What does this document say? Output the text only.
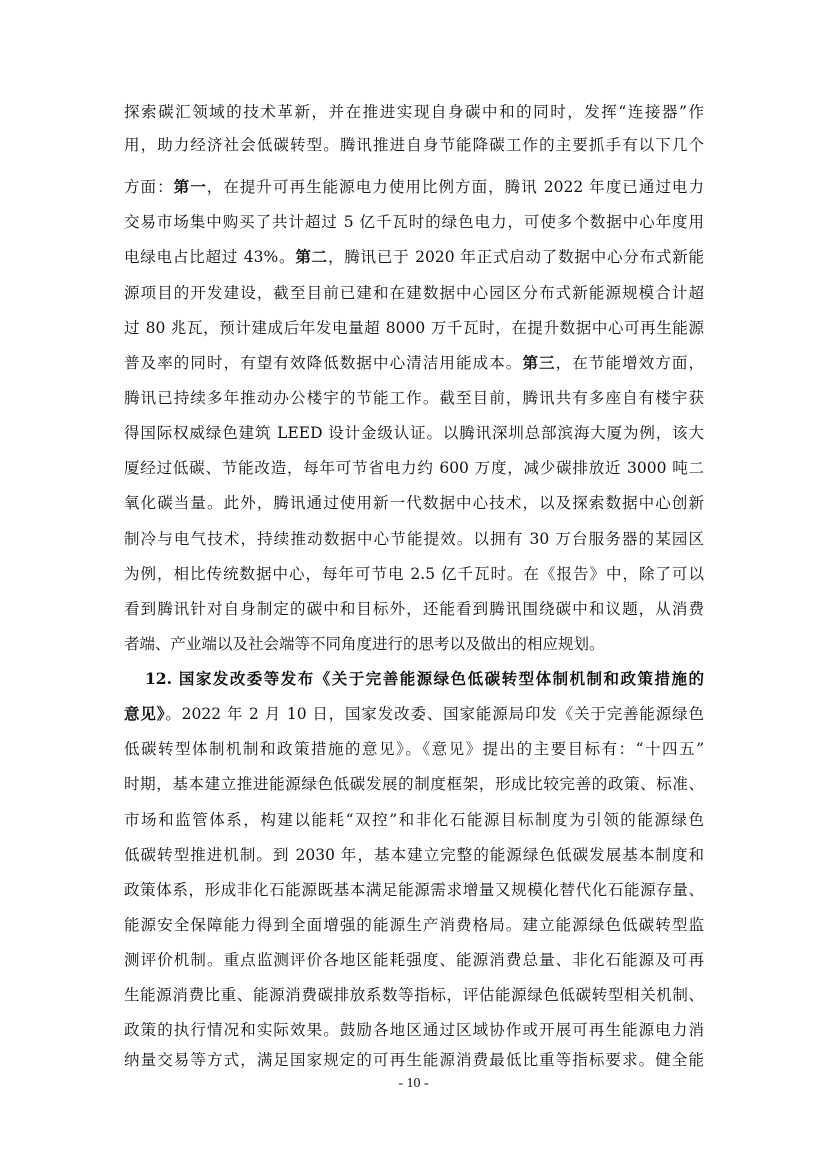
探索碳汇领域的技术革新，并在推进实现自身碳中和的同时，发挥“连接器”作
用，助力经济社会低碳转型。腾讯推进自身节能降碳工作的主要抓手有以下几个
方面：第一，在提升可再生能源电力使用比例方面，腾讯 2022 年度已通过电力
交易市场集中购买了共计超过 5 亿千瓦时的绿色电力，可使多个数据中心年度用
电绿电占比超过 43%。第二，腾讯已于 2020 年正式启动了数据中心分布式新能
源项目的开发建设，截至目前已建和在建数据中心园区分布式新能源规模合计超
过 80 兆瓦，预计建成后年发电量超 8000 万千瓦时，在提升数据中心可再生能源
普及率的同时，有望有效降低数据中心清洁用能成本。第三，在节能增效方面，
腾讯已持续多年推动办公楼宇的节能工作。截至目前，腾讯共有多座自有楼宇获
得国际权威绿色建筑 LEED 设计金级认证。以腾讯深圳总部滨海大厦为例，该大
厦经过低碳、节能改造，每年可节省电力约 600 万度，减少碳排放近 3000 吨二
氧化碳当量。此外，腾讯通过使用新一代数据中心技术，以及探索数据中心创新
制冷与电气技术，持续推动数据中心节能提效。以拥有 30 万台服务器的某园区
为例，相比传统数据中心，每年可节电 2.5 亿千瓦时。在《报告》中，除了可以
看到腾讯针对自身制定的碳中和目标外，还能看到腾讯围绕碳中和议题，从消费
者端、产业端以及社会端等不同角度进行的思考以及做出的相应规划。
12. 国家发改委等发布《关于完善能源绿色低碳转型体制机制和政策措施的
意见》。2022 年 2 月 10 日，国家发改委、国家能源局印发《关于完善能源绿色
低碳转型体制机制和政策措施的意见》。《意见》提出的主要目标有：“十四五”
时期，基本建立推进能源绿色低碳发展的制度框架，形成比较完善的政策、标准、
市场和监管体系，构建以能耗“双控”和非化石能源目标制度为引领的能源绿色
低碳转型推进机制。到 2030 年，基本建立完整的能源绿色低碳发展基本制度和
政策体系，形成非化石能源既基本满足能源需求增量又规模化替代化石能源存量、
能源安全保障能力得到全面增强的能源生产消费格局。建立能源绿色低碳转型监
测评价机制。重点监测评价各地区能耗强度、能源消费总量、非化石能源及可再
生能源消费比重、能源消费碳排放系数等指标，评估能源绿色低碳转型相关机制、
政策的执行情况和实际效果。鼓励各地区通过区域协作或开展可再生能源电力消
纳量交易等方式，满足国家规定的可再生能源消费最低比重等指标要求。健全能
- 10 -
